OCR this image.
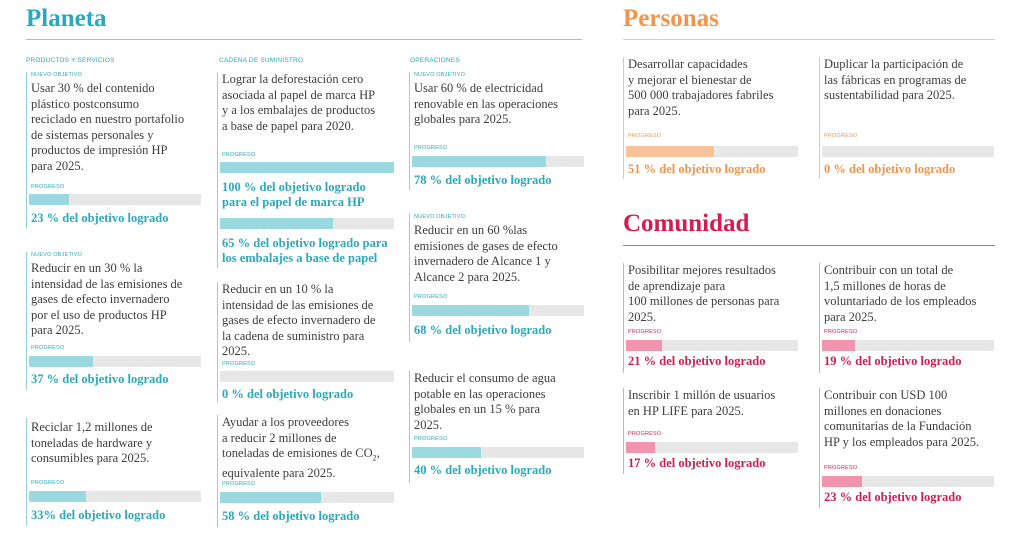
Planeta
PRODUCTOS Y SERVICIOS	CADENA DE SUMINISTRO	OPERACIONES
NUEVO OBJETIVO
Usar 30 % del contenido
plástico postconsumo
reciclado en nuestro portafolio
de sistemas personales y
productos de impresión HP
para 2025.
PROGRESO
23 % del objetivo logrado
NUEVO OBJETIVO
Reducir en un 30 % la
intensidad de las emisiones de
gases de efecto invernadero
por el uso de productos HP
para 2025.
PROGRESO
37 % del objetivo logrado
Reciclar 1,2 millones de
toneladas de hardware y
consumibles para 2025.
PROGRESO
33% del objetivo logrado
Lograr la deforestación cero
asociada al papel de marca HP
y a los embalajes de productos
a base de papel para 2020.
PROGRESO
100 % del objetivo logrado
para el papel de marca HP
65 % del objetivo logrado para
los embalajes a base de papel
Reducir en un 10 % la
intensidad de las emisiones de
gases de efecto invernadero de
la cadena de suministro para
2025.
PROGRESO
0 % del objetivo logrado
Ayudar a los proveedores
a reducir 2 millones de
toneladas de emisiones de $CO_2$,
equivalente para 2025.
PROGRESO
58 % del objetivo logrado
NUEVO OBJETIVO
Usar 60 % de electricidad
renovable en las operaciones
globales para 2025.
PROGRESO
78 % del objetivo logrado
NUEVO OBJETIVO
Reducir en un 60 %las
emisiones de gases de efecto
invernadero de Alcance 1 y
Alcance 2 para 2025.
PROGRESO
68 % del objetivo logrado
Reducir el consumo de agua
potable en las operaciones
globales en un 15 % para
2025.
PROGRESO
40 % del objetivo logrado
Personas
Desarrollar capacidades
y mejorar el bienestar de
500 000 trabajadores fabriles
para 2025.
PROGRESO
51 % del objetivo logrado
Duplicar la participación de
las fábricas en programas de
sustentabilidad para 2025.
PROGRESO
0 % del objetivo logrado
Comunidad
Posibilitar mejores resultados
de aprendizaje para
100 millones de personas para
2025.
PROGRESO
21 % del objetivo logrado
Contribuir con un total de
1,5 millones de horas de
voluntariado de los empleados
para 2025.
PROGRESO
19 % del objetivo logrado
Inscribir 1 millón de usuarios
en HP LIFE para 2025.
PROGRESO
17 % del objetivo logrado
Contribuir con USD 100
millones en donaciones
comunitarias de la Fundación
HP y los empleados para 2025.
PROGRESO
23 % del objetivo logrado
